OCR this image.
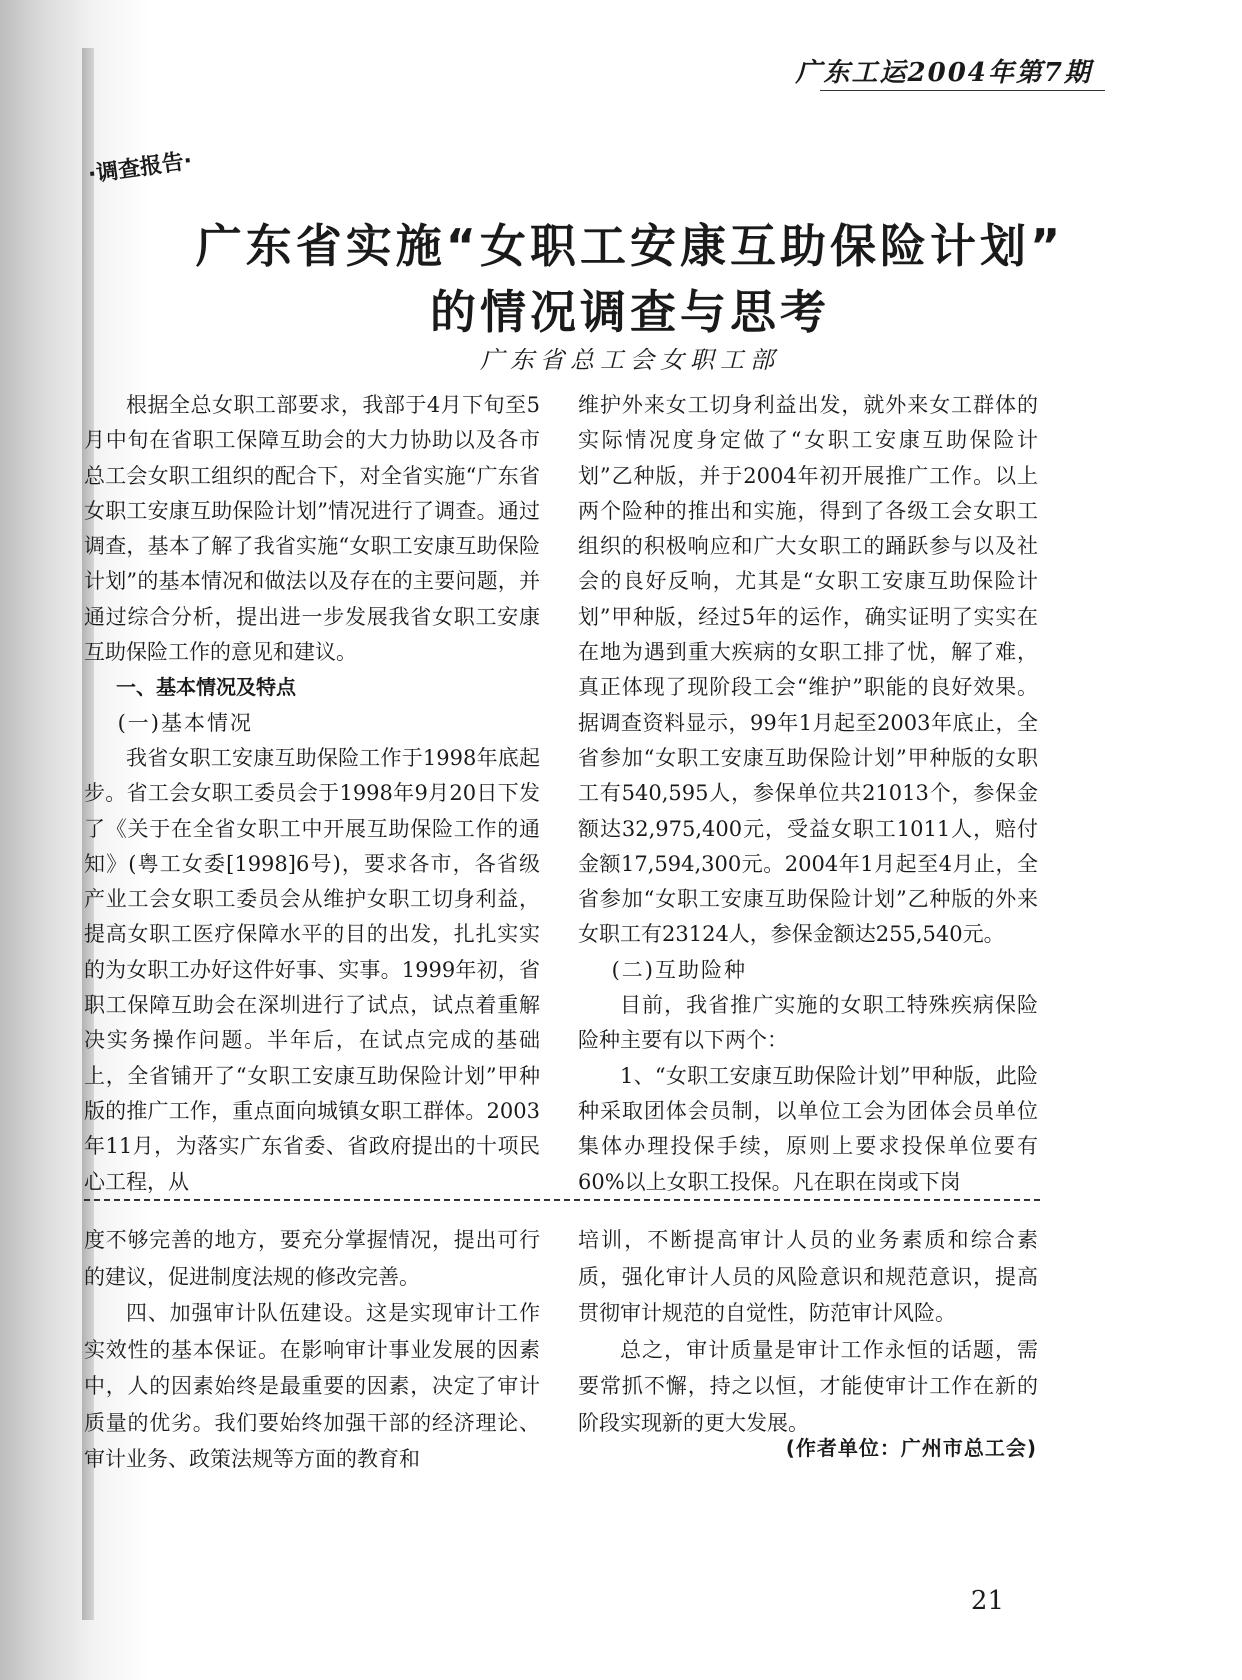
广东工运2004年第7期
·调查报告·
广东省实施“女职工安康互助保险计划”
的情况调查与思考
广东省总工会女职工部

根据全总女职工部要求，我部于4月下旬至5月中旬在省职工保障互助会的大力协助以及各市总工会女职工组织的配合下，对全省实施“广东省女职工安康互助保险计划”情况进行了调查。通过调查，基本了解了我省实施“女职工安康互助保险计划”的基本情况和做法以及存在的主要问题，并通过综合分析，提出进一步发展我省女职工安康互助保险工作的意见和建议。

一、基本情况及特点

(一)基本情况

我省女职工安康互助保险工作于1998年底起步。省工会女职工委员会于1998年9月20日下发了《关于在全省女职工中开展互助保险工作的通知》(粤工女委[1998]6号)，要求各市，各省级产业工会女职工委员会从维护女职工切身利益，提高女职工医疗保障水平的目的出发，扎扎实实的为女职工办好这件好事、实事。1999年初，省职工保障互助会在深圳进行了试点，试点着重解决实务操作问题。半年后，在试点完成的基础上，全省铺开了“女职工安康互助保险计划”甲种版的推广工作，重点面向城镇女职工群体。2003年11月，为落实广东省委、省政府提出的十项民心工程，从

维护外来女工切身利益出发，就外来女工群体的实际情况度身定做了“女职工安康互助保险计划”乙种版，并于2004年初开展推广工作。以上两个险种的推出和实施，得到了各级工会女职工组织的积极响应和广大女职工的踊跃参与以及社会的良好反响，尤其是“女职工安康互助保险计划”甲种版，经过5年的运作，确实证明了实实在在地为遇到重大疾病的女职工排了忧，解了难，真正体现了现阶段工会“维护”职能的良好效果。据调查资料显示，99年1月起至2003年底止，全省参加“女职工安康互助保险计划”甲种版的女职工有540,595人，参保单位共21013个，参保金额达32,975,400元，受益女职工1011人，赔付金额17,594,300元。2004年1月起至4月止，全省参加“女职工安康互助保险计划”乙种版的外来女职工有23124人，参保金额达255,540元。

(二)互助险种

目前，我省推广实施的女职工特殊疾病保险险种主要有以下两个：

1、“女职工安康互助保险计划”甲种版，此险种采取团体会员制，以单位工会为团体会员单位集体办理投保手续，原则上要求投保单位要有60%以上女职工投保。凡在职在岗或下岗

度不够完善的地方，要充分掌握情况，提出可行的建议，促进制度法规的修改完善。

四、加强审计队伍建设。这是实现审计工作实效性的基本保证。在影响审计事业发展的因素中，人的因素始终是最重要的因素，决定了审计质量的优劣。我们要始终加强干部的经济理论、审计业务、政策法规等方面的教育和

培训，不断提高审计人员的业务素质和综合素质，强化审计人员的风险意识和规范意识，提高贯彻审计规范的自觉性，防范审计风险。

总之，审计质量是审计工作永恒的话题，需要常抓不懈，持之以恒，才能使审计工作在新的阶段实现新的更大发展。

(作者单位：广州市总工会)
21
